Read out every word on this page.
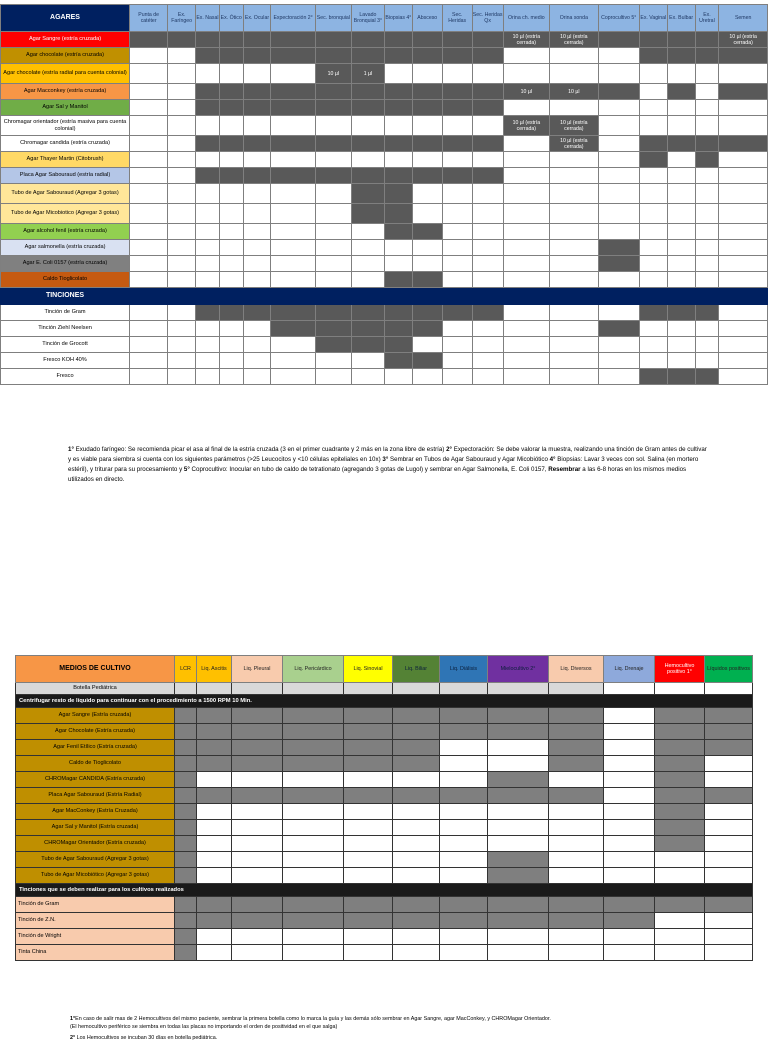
AGARES	Punta de catéter	Ex. Faríngeo	Ex. Nasal	Ex. Ótico	Ex. Ocular	Expectoración 2°	Sec. bronquial	Lavado Bronquial 3°	Biopsias 4°	Absceso	Sec. Heridas	Sec. Heridas Qx	Orina ch. medio	Orina sonda	Coprocultivo 5°	Ex. Vaginal	Ex. Bulbar	Ex. Uretral	Semen
Agar Sangre (estría cruzada)													10 µl (estría cerrada)	10 µl (estría cerrada)					10 µl (estría cerrada)
Agar chocolate (estría cruzada)																			
Agar chocolate (estría radial para cuenta colonial)							10 µl	1 µl											
Agar Macconkey (estría cruzada)													10 µl	10 µl					
Agar Sal y Manitol																			
Chromagar orientador (estría masiva para cuenta colonial)													10 µl (estría cerrada)	10 µl (estría cerrada)					
Chromagar candida (estría cruzada)														10 µl (estría cerrada)					
Agar Thayer Martin (Citobrush)																			
Placa Agar Sabouraud (estría radial)																			
Tubo de Agar Sabouraud (Agregar 3 gotas)																			
Tubo de Agar Micobiotico (Agregar 3 gotas)																			
Agar alcohol fenil (estría cruzada)																			
Agar salmonella (estría cruzada)																			
Agar E. Coli 0157 (estría cruzada)																			
Caldo Tioglicolato																			
TINCIONES																			
Tinción de Gram																			
Tinción Ziehl Neelsen																			
Tinción de Grocott																			
Fresco KOH 40%																			
Fresco																			
1° Exudado faríngeo: Se recomienda picar el asa al final de la estría cruzada (3 en el primer cuadrante y 2 más en la zona libre de estría) 2° Expectoración: Se debe valorar la muestra, realizando una tinción de Gram antes de cultivar y es viable para siembra si cuenta con los siguientes parámetros (>25 Leucocitos y <10 células epiteliales en 10x) 3° Sembrar en Tubos de Agar Sabouraud y Agar Micobiótico 4° Biopsias: Lavar 3 veces con sol. Salina (en mortero estéril), y triturar para su procesamiento y 5° Coprocultivo: Inocular en tubo de caldo de tetrationato (agregando 3 gotas de Lugol) y sembrar en Agar Salmonella, E. Coli 0157, Resembrar a las 6-8 horas en los mismos medios utilizados en directo.
MEDIOS DE CULTIVO	LCR	Liq. Ascitis	Liq. Pleural	Liq. Pericárdico	Liq. Sinovial	Liq. Biliar	Liq. Diálisis	Mielocultivo 2°	Liq. Diversos	Liq. Drenaje	Hemocultivo positivo 1°	Líquidos positivos
Botella Pediátrica												
Centrifugar resto de líquido para continuar con el procedimiento a 1500 RPM 10 Min.												
Agar Sangre (Estría cruzada)												
Agar Chocolate (Estría cruzada)												
Agar Fenil Etílico (Estría cruzada)												
Caldo de Tioglicolato												
CHROMagar CANDIDA (Estría cruzada)												
Placa Agar Sabouraud (Estría Radial)												
Agar MacConkey (Estría Cruzada)												
Agar Sal y Manitol (Estría cruzada)												
CHROMagar Orientador (Estría cruzada)												
Tubo de Agar Sabouraud (Agregar 3 gotas)												
Tubo de Agar Micobiótico (Agregar 3 gotas)												
Tinciones que se deben realizar para los cultivos realizados												
Tinción de Gram												
Tinción de Z.N.												
Tinción de Wright												
Tinta China												
1°En caso de salir mas de 2 Hemocultivos del mismo paciente, sembrar la primera botella como lo marca la guía y las demás sólo sembrar en Agar Sangre, agar MacConkey, y CHROMagar Orientador.
(El hemocultivo periférico se siembra en todas las placas no importando el orden de positividad en el que salga)
2° Los Hemocultivos se incuban 30 días en botella pediátrica.
